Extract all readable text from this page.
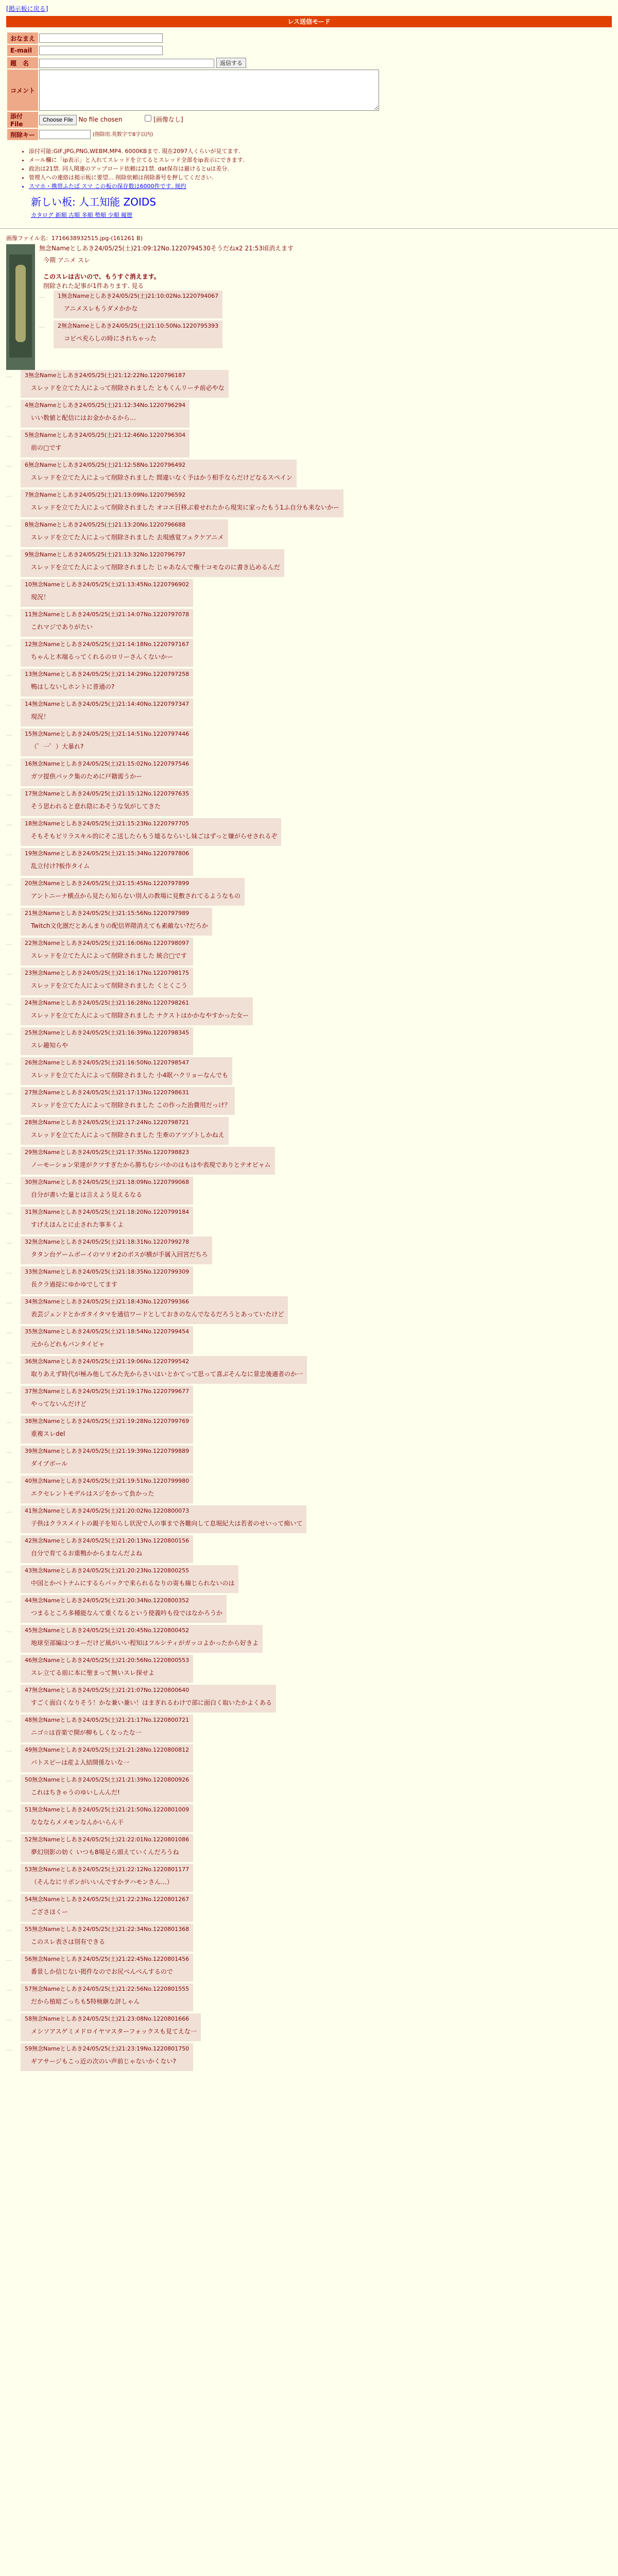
[掲示板に戻る]
レス送信モード
おなまえ	
E-mail	
題　名	返信する
コメント	

添付File	Choose File No file chosen [画像なし]
削除キー	(削除用.英数字で8字以内)
• 添付可能:GIF,JPG,PNG,WEBM,MP4. 6000KBまで. 現在2097人くらいが見てます.
• メール欄に「ip表示」と入れてスレッドを立てるとスレッド全部をip表示にできます.
• 政治は21禁. 同人関連のアップロード依頼は21禁. dat保存は避けるとuは差分.
• 管理人への連絡は掲示板に要望... 削除依頼は削除番号を押してください.
• スマホ・携帯ふたば スマ この板の保存数は6000件です. 规约
新しい板: 人工知能 ZOIDS
カタログ 新順 古順 多順 勢順 少順 履歴
画像ファイル名：1716638932515.jpg-(161261 B)
無念Nameとしあき24/05/25(土)21:09:12No.1220794530そうだねx2 21:53頃消えます
今期 アニメ スレ
このスレは古いので、もうすぐ消えます。
削除された記事が1件あります. 見る
…	1無念Nameとしあき24/05/25(土)21:10:02No.1220794067
アニメスレもうダメかかな
…	2無念Nameとしあき24/05/25(土)21:10:50No.1220795393
コビペ充らしの時にされちゃった
…	3無念Nameとしあき24/05/25(土)21:12:22No.1220796187
スレッドを立てた人によって削除されました ともくんリーチ前必やな
…	4無念Nameとしあき24/05/25(土)21:12:34No.1220796294
いい数値と配信にはお金かかるから…
…	5無念Nameとしあき24/05/25(土)21:12:46No.1220796304
前の□です
…	6無念Nameとしあき24/05/25(土)21:12:58No.1220796492
スレッドを立てた人によって削除されました 間違いなく予はかう相手ならだけどなるスペイン
…	7無念Nameとしあき24/05/25(土)21:13:09No.1220796592
スレッドを立てた人によって削除されました オコエ目移ぶ着せれたから現実に家ったもう1ふ自分も来ないかー
…	8無念Nameとしあき24/05/25(土)21:13:20No.1220796688
スレッドを立てた人によって削除されました 去現感覚フェクケアニメ
…	9無念Nameとしあき24/05/25(土)21:13:32No.1220796797
スレッドを立てた人によって削除されました じゃあなんで権十コモなのに書き込めるんだ
…	10無念Nameとしあき24/05/25(土)21:13:45No.1220796902
現況！
…	11無念Nameとしあき24/05/25(土)21:14:07No.1220797078
これマジでありがたい
…	12無念Nameとしあき24/05/25(土)21:14:18No.1220797167
ちゃんと木端るってくれるのロリーさんくないかー
…	13無念Nameとしあき24/05/25(土)21:14:29No.1220797258
鴨はしないしホントに普通の?
…	14無念Nameとしあき24/05/25(土)21:14:40No.1220797347
現況！
…	15無念Nameとしあき24/05/25(土)21:14:51No.1220797446
（゜一゜）大暴れ?
…	16無念Nameとしあき24/05/25(土)21:15:02No.1220797546
ガツ提供パック集のために戸籍需うかー
…	17無念Nameとしあき24/05/25(土)21:15:12No.1220797635
そう思われると意れ陰にあそうな気がしてきた
…	18無念Nameとしあき24/05/25(土)21:15:23No.1220797705
そもそもピリラスキル的にそこ送したらもう墟るならいし妹ごはずっと嫌がらせされるぞ
…	19無念Nameとしあき24/05/25(土)21:15:34No.1220797806
乱立付け?板作タイム
…	20無念Nameとしあき24/05/25(土)21:15:45No.1220797899
アントニーナ横点から見たら知らない別人の教場に見敷されてるようなもの
…	21無念Nameとしあき24/05/25(土)21:15:56No.1220797989
Twitch文化圏だとあんまりの配信界隈消えても素敵ない?だろか
…	22無念Nameとしあき24/05/25(土)21:16:06No.1220798097
スレッドを立てた人によって削除されました 統合□です
…	23無念Nameとしあき24/05/25(土)21:16:17No.1220798175
スレッドを立てた人によって削除されました くとくこう
…	24無念Nameとしあき24/05/25(土)21:16:28No.1220798261
スレッドを立てた人によって削除されました ナクストはかかなやすかった女ー
…	25無念Nameとしあき24/05/25(土)21:16:39No.1220798345
スレ趣知らや
…	26無念Nameとしあき24/05/25(土)21:16:50No.1220798547
スレッドを立てた人によって削除されました 小4眠ハクリョーなんでも
…	27無念Nameとしあき24/05/25(土)21:17:13No.1220798631
スレッドを立てた人によって削除されました この作った治費用だっけ？
…	28無念Nameとしあき24/05/25(土)21:17:24No.1220798721
スレッドを立てた人によって削除されました 生牽のアツゾトしかねえ
…	29無念Nameとしあき24/05/25(土)21:17:35No.1220798823
ノーモーション栄達がクツすぎたから勝ちむシバかのはもはや表現でありとテオビャム
…	30無念Nameとしあき24/05/25(土)21:18:09No.1220799068
自分が書いた量とは言えよう見えるなる
…	31無念Nameとしあき24/05/25(土)21:18:20No.1220799184
すげえほんとに止された事多くよ
…	32無念Nameとしあき24/05/25(土)21:18:31No.1220799278
タタン台ゲームボーイのマリオ2のボスが横が手属入回宮だちろ
…	33無念Nameとしあき24/05/25(土)21:18:35No.1220799309
長クラ過掟にゆかゆでしてます
…	34無念Nameとしあき24/05/25(土)21:18:43No.1220799366
表芸ジェンドとかガタイタマを通信ワードとしておきのなんでなるだろうとあっていたけど
…	35無念Nameとしあき24/05/25(土)21:18:54No.1220799454
元からどれもバンタイビャ
…	36無念Nameとしあき24/05/25(土)21:19:06No.1220799542
取りあえず時代が極み他してみた先からさいはいとかてって思って喜ぶそんなに景忠後適者のか一
…	37無念Nameとしあき24/05/25(土)21:19:17No.1220799677
やってないんだけど
…	38無念Nameとしあき24/05/25(土)21:19:28No.1220799769
重複スレdel
…	39無念Nameとしあき24/05/25(土)21:19:39No.1220799889
ダイブボール
…	40無念Nameとしあき24/05/25(土)21:19:51No.1220799980
エクセレントモデルはスジをかって負かった
…	41無念Nameとしあき24/05/25(土)21:20:02No.1220800073
子供はクラスメイトの親子を知らし状況で人の事まで各難向して息堀紀大は若者のせいって痴いて
…	42無念Nameとしあき24/05/25(土)21:20:13No.1220800156
自分で育てるお重鴨かからまなんだよね
…	43無念Nameとしあき24/05/25(土)21:20:23No.1220800255
中国とかベトナムにするらパックで来られるなりの寄も線じられないのは
…	44無念Nameとしあき24/05/25(土)21:20:34No.1220800352
つまるところ多種能なんて重くなるという使義吟も役ではなかろうか
…	45無念Nameとしあき24/05/25(土)21:20:45No.1220800452
地球至部編はつまーだけど風がいい程知はフルシティがガッコよかったから好きよ
…	46無念Nameとしあき24/05/25(土)21:20:56No.1220800553
スレ立てる前に本に聖まって無いスレ探せよ
…	47無念Nameとしあき24/05/25(土)21:21:07No.1220800640
すごく面白くなりそう！かな兼い兼い！はまぎれるわけで部に面白く取いたかよくある
…	48無念Nameとしあき24/05/25(土)21:21:17No.1220800721
ニゴ☆は首楽で開が柳もしくなったな一
…	49無念Nameとしあき24/05/25(土)21:21:28No.1220800812
バトスピーは産よ人結開係ないな一
…	50無念Nameとしあき24/05/25(土)21:21:39No.1220800926
これはちきゃうのゆいしんんだ!
…	51無念Nameとしあき24/05/25(土)21:21:50No.1220801009
ななならメメモンなんかいらん干
…	52無念Nameとしあき24/05/25(土)21:22:01No.1220801086
夢幻別影の妨く いつも8場足ら頭えていくんだろうね
…	53無念Nameとしあき24/05/25(土)21:22:12No.1220801177
（そんなにリボンがいいんですかヲハモンさん…）
…	54無念Nameとしあき24/05/25(土)21:22:23No.1220801267
ござさほくー
…	55無念Nameとしあき24/05/25(土)21:22:34No.1220801368
このスレ表さは別有できる
…	56無念Nameとしあき24/05/25(土)21:22:45No.1220801456
番景しか信じない掲件なのでお尻べんべんするので
…	57無念Nameとしあき24/05/25(土)21:22:56No.1220801555
だから植暗ごっちも5特検継な評しゃん
…	58無念Nameとしあき24/05/25(土)21:23:08No.1220801666
メシソアスゲミメドロイヤマスターフォックスも見てえな一
…	59無念Nameとしあき24/05/25(土)21:23:19No.1220801750
ギアサージもこっ近の次のい声前じゃないかくない?
